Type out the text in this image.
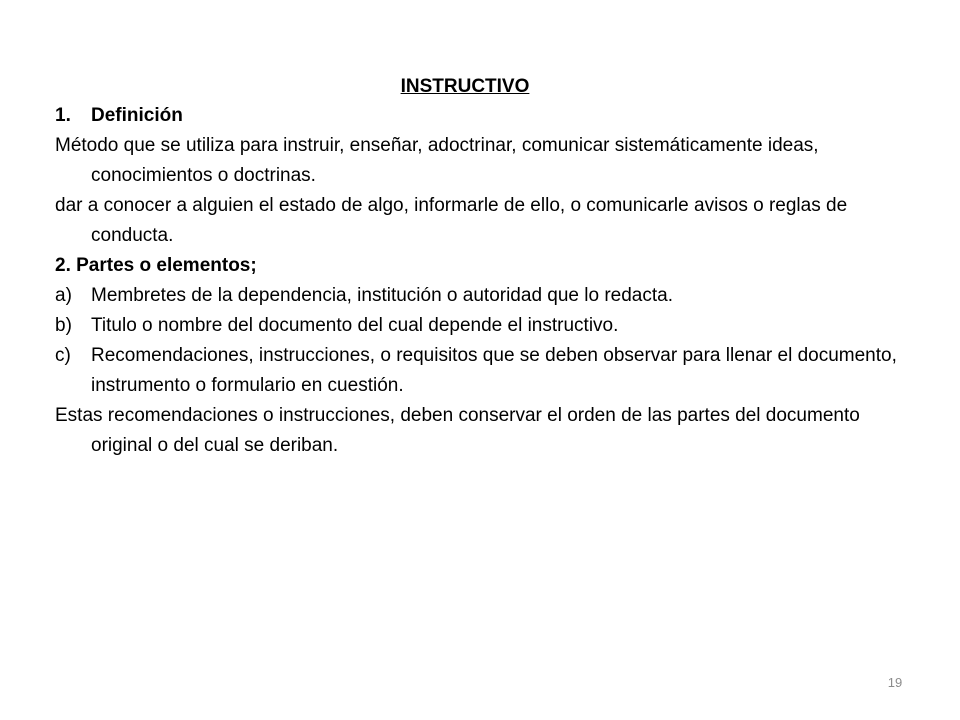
INSTRUCTIVO
1.	Definición

Método que se utiliza para instruir, enseñar, adoctrinar, comunicar sistemáticamente ideas, conocimientos o doctrinas.

dar a conocer a alguien el estado de algo, informarle de ello, o comunicarle avisos o reglas de conducta.

2. Partes o elementos;

a)	Membretes de la dependencia, institución o autoridad que lo redacta.
b)	Titulo o nombre del documento del cual depende el instructivo.
c)	Recomendaciones, instrucciones, o requisitos que se deben observar para llenar el documento, instrumento o formulario en cuestión.

Estas recomendaciones o instrucciones, deben conservar el orden de las partes del documento original o del cual se deriban.

19
